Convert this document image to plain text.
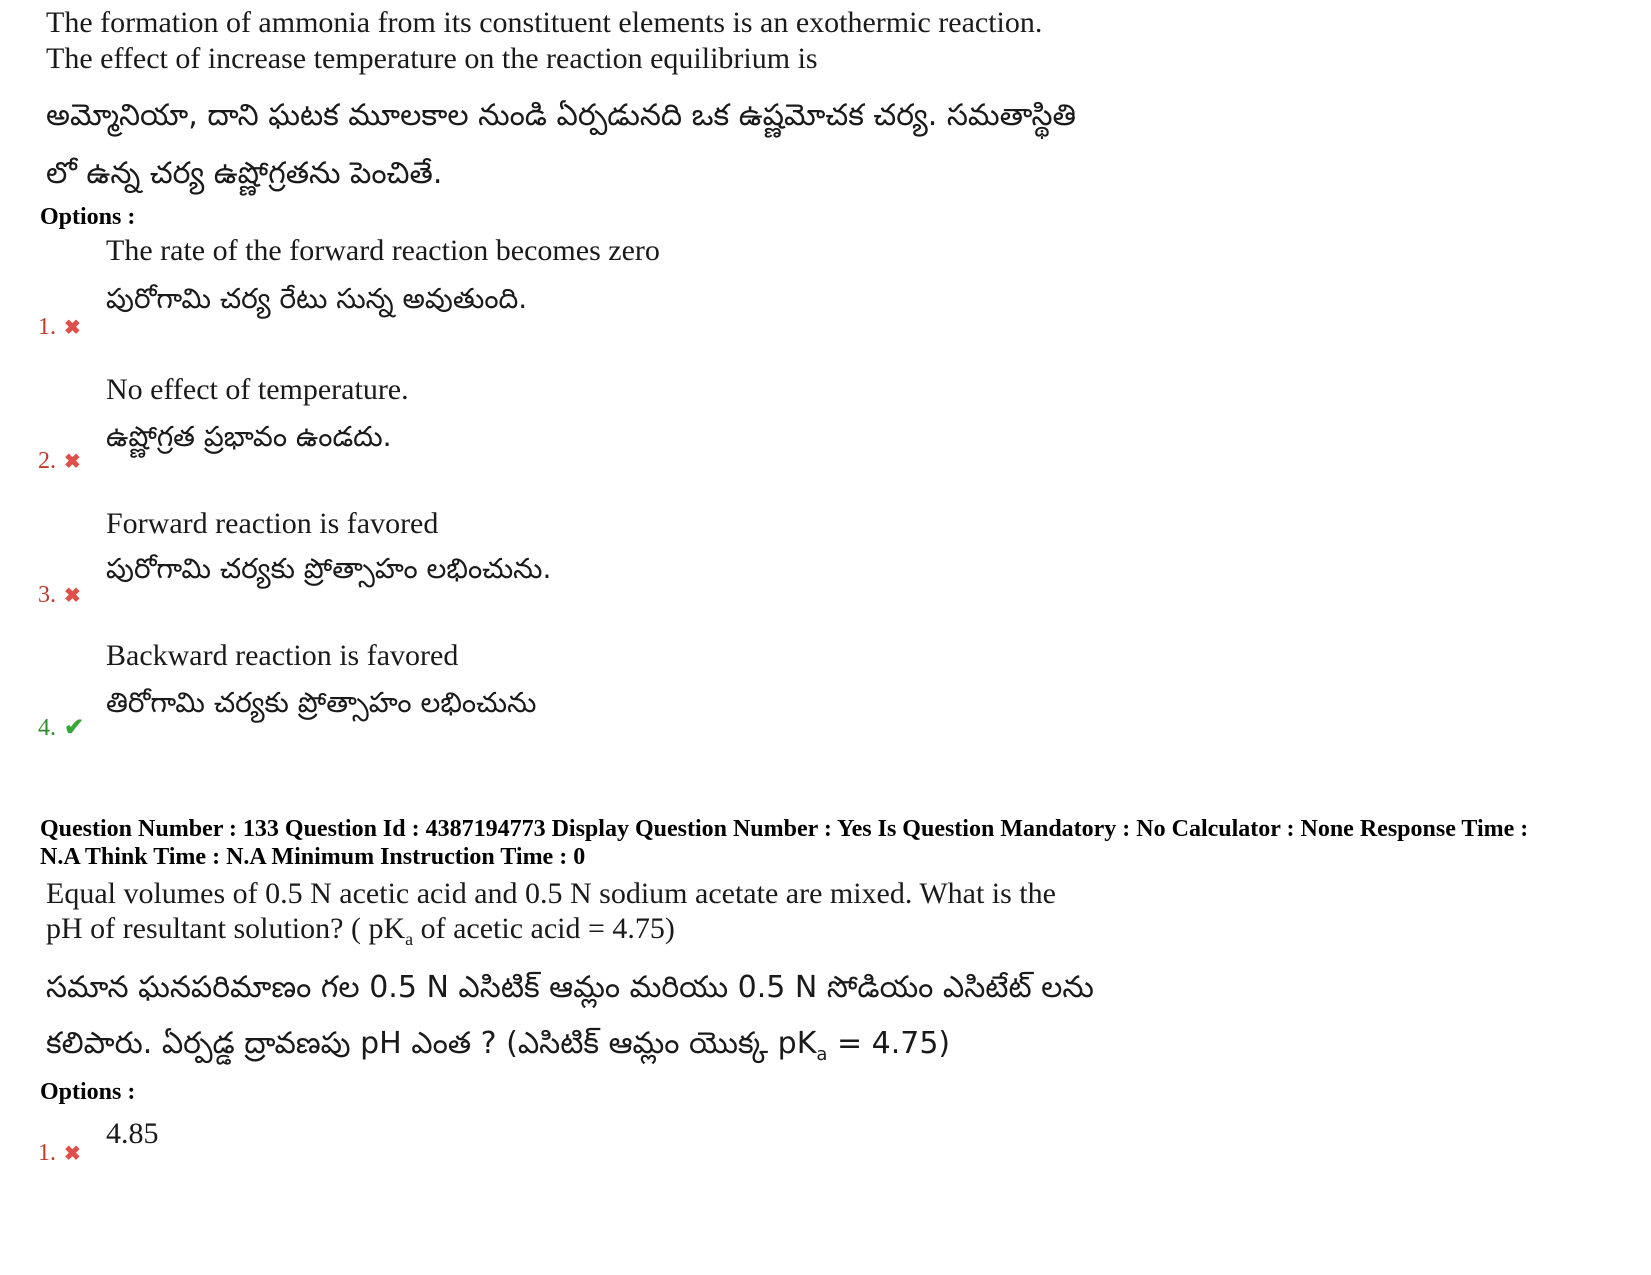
The formation of ammonia from its constituent elements is an exothermic reaction.

The effect of increase temperature on the reaction equilibrium is

అమ్మోనియా, దాని ఘటక మూలకాల నుండి ఏర్పడునది ఒక ఉష్ణమోచక చర్య. సమతాస్థితి
లో ఉన్న చర్య ఉష్ణోగ్రతను పెంచితే.
Options :
The rate of the forward reaction becomes zero
పురోగామి చర్య రేటు సున్న అవుతుంది.
1. ✖
No effect of temperature.
ఉష్ణోగ్రత ప్రభావం ఉండదు.
2. ✖
Forward reaction is favored
పురోగామి చర్యకు ప్రోత్సాహం లభించును.
3. ✖
Backward reaction is favored
తిరోగామి చర్యకు ప్రోత్సాహం లభించును
4. ✔
Question Number : 133 Question Id : 4387194773 Display Question Number : Yes Is Question Mandatory : No Calculator : None Response Time :
N.A Think Time : N.A Minimum Instruction Time : 0

Equal volumes of 0.5 N acetic acid and 0.5 N sodium acetate are mixed. What is the

pH of resultant solution? ( $pK_a$ of acetic acid = 4.75)

సమాన ఘనపరిమాణం గల 0.5 N ఎసిటిక్ ఆమ్లం మరియు 0.5 N సోడియం ఎసిటేట్ లను
కలిపారు. ఏర్పడ్డ ద్రావణపు pH ఎంత ? (ఎసిటిక్ ఆమ్లం యొక్క $pK_a = 4.75$)
Options :
4.85
1. ✖
